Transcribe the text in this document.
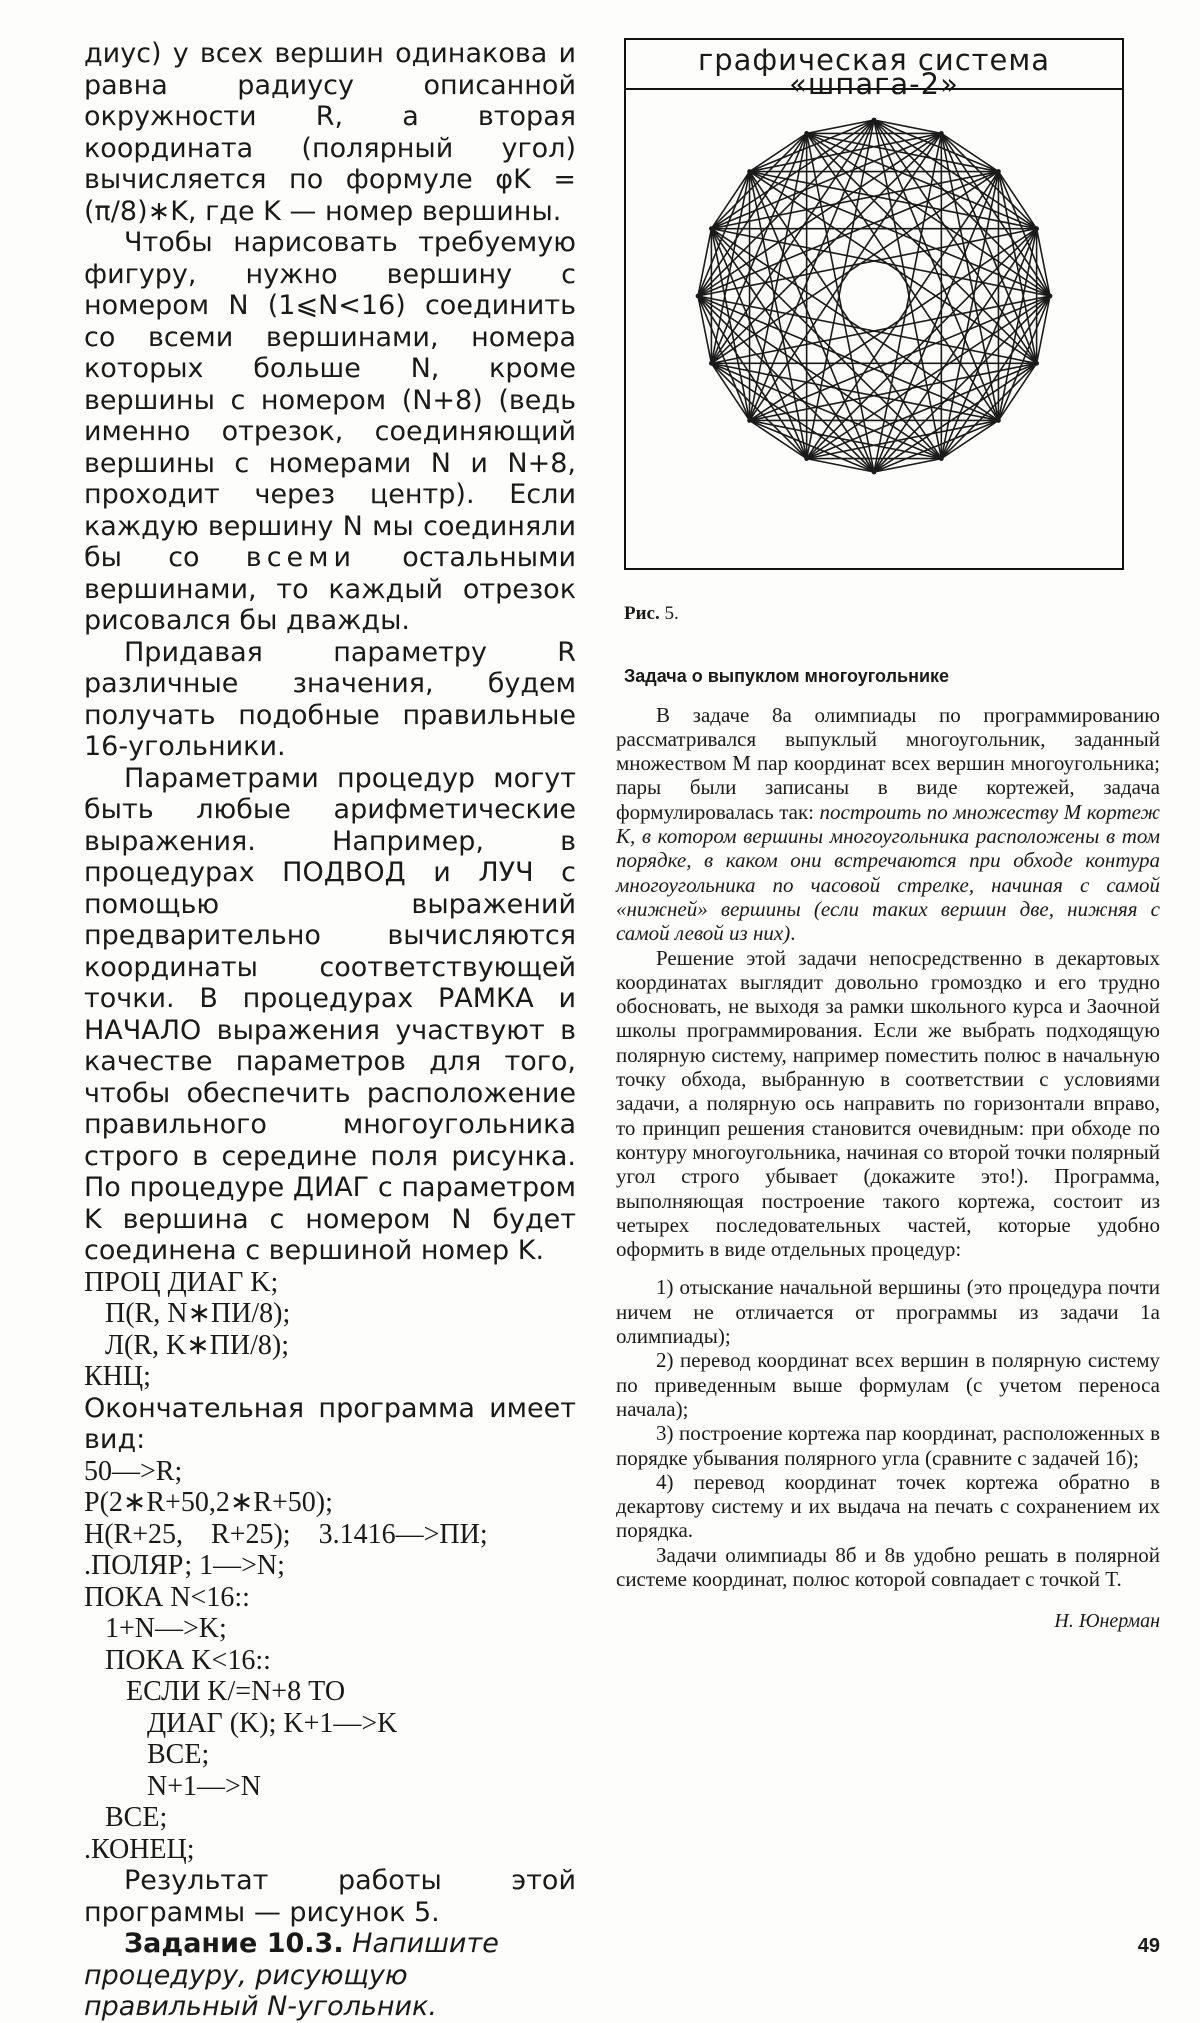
диус) у всех вершин одинакова и равна радиусу описанной окружности R, а вторая координата (полярный угол) вычисляется по формуле φK = (π/8)∗K, где K — номер вершины.

Чтобы нарисовать требуемую фигуру, нужно вершину с номером N (1⩽N<16) соединить со всеми вершинами, номера которых больше N, кроме вершины с номером (N+8) (ведь именно отрезок, соединяющий вершины с номерами N и N+8, проходит через центр). Если каждую вершину N мы соединяли бы со всеми остальными вершинами, то каждый отрезок рисовался бы дважды.

Придавая параметру R различные значения, будем получать подобные правильные 16-угольники.

Параметрами процедур могут быть любые арифметические выражения. Например, в процедурах ПОДВОД и ЛУЧ с помощью выражений предварительно вычисляются координаты соответствующей точки. В процедурах РАМКА и НАЧАЛО выражения участвуют в качестве параметров для того, чтобы обеспечить расположение правильного многоугольника строго в середине поля рисунка. По процедуре ДИАГ с параметром K вершина с номером N будет соединена с вершиной номер K.

ПРОЦ ДИАГ K;

П(R, N∗ПИ/8);

Л(R, K∗ПИ/8);

КНЦ;

Окончательная программа имеет вид:

50—>R;

P(2∗R+50,2∗R+50);

H(R+25,    R+25);    3.1416—>ПИ;

.ПОЛЯР; 1—>N;

ПОКА N<16::

1+N—>K;

ПОКА K<16::

ЕСЛИ K/=N+8 ТО

ДИАГ (K); K+1—>K

ВСЕ;

N+1—>N

ВСЕ;

.КОНЕЦ;

Результат работы этой программы — рисунок 5.

Задание 10.3. Напишите процедуру, рисующую правильный N-угольник.

графическая система «шпага-2»

Рис. 5.

Задача о выпуклом многоугольнике

В задаче 8а олимпиады по программированию рассматривался выпуклый многоугольник, заданный множеством M пар координат всех вершин многоугольника; пары были записаны в виде кортежей, задача формулировалась так: построить по множеству M кортеж K, в котором вершины многоугольника расположены в том порядке, в каком они встречаются при обходе контура многоугольника по часовой стрелке, начиная с самой «нижней» вершины (если таких вершин две, нижняя с самой левой из них).

Решение этой задачи непосредственно в декартовых координатах выглядит довольно громоздко и его трудно обосновать, не выходя за рамки школьного курса и Заочной школы программирования. Если же выбрать подходящую полярную систему, например поместить полюс в начальную точку обхода, выбранную в соответствии с условиями задачи, а полярную ось направить по горизонтали вправо, то принцип решения становится очевидным: при обходе по контуру многоугольника, начиная со второй точки полярный угол строго убывает (докажите это!). Программа, выполняющая построение такого кортежа, состоит из четырех последовательных частей, которые удобно оформить в виде отдельных процедур:

1) отыскание начальной вершины (это процедура почти ничем не отличается от программы из задачи 1а олимпиады);

2) перевод координат всех вершин в полярную систему по приведенным выше формулам (с учетом переноса начала);

3) построение кортежа пар координат, расположенных в порядке убывания полярного угла (сравните с задачей 1б);

4) перевод координат точек кортежа обратно в декартову систему и их выдача на печать с сохранением их порядка.

Задачи олимпиады 8б и 8в удобно решать в полярной системе координат, полюс которой совпадает с точкой T.

Н. Юнерман

49
